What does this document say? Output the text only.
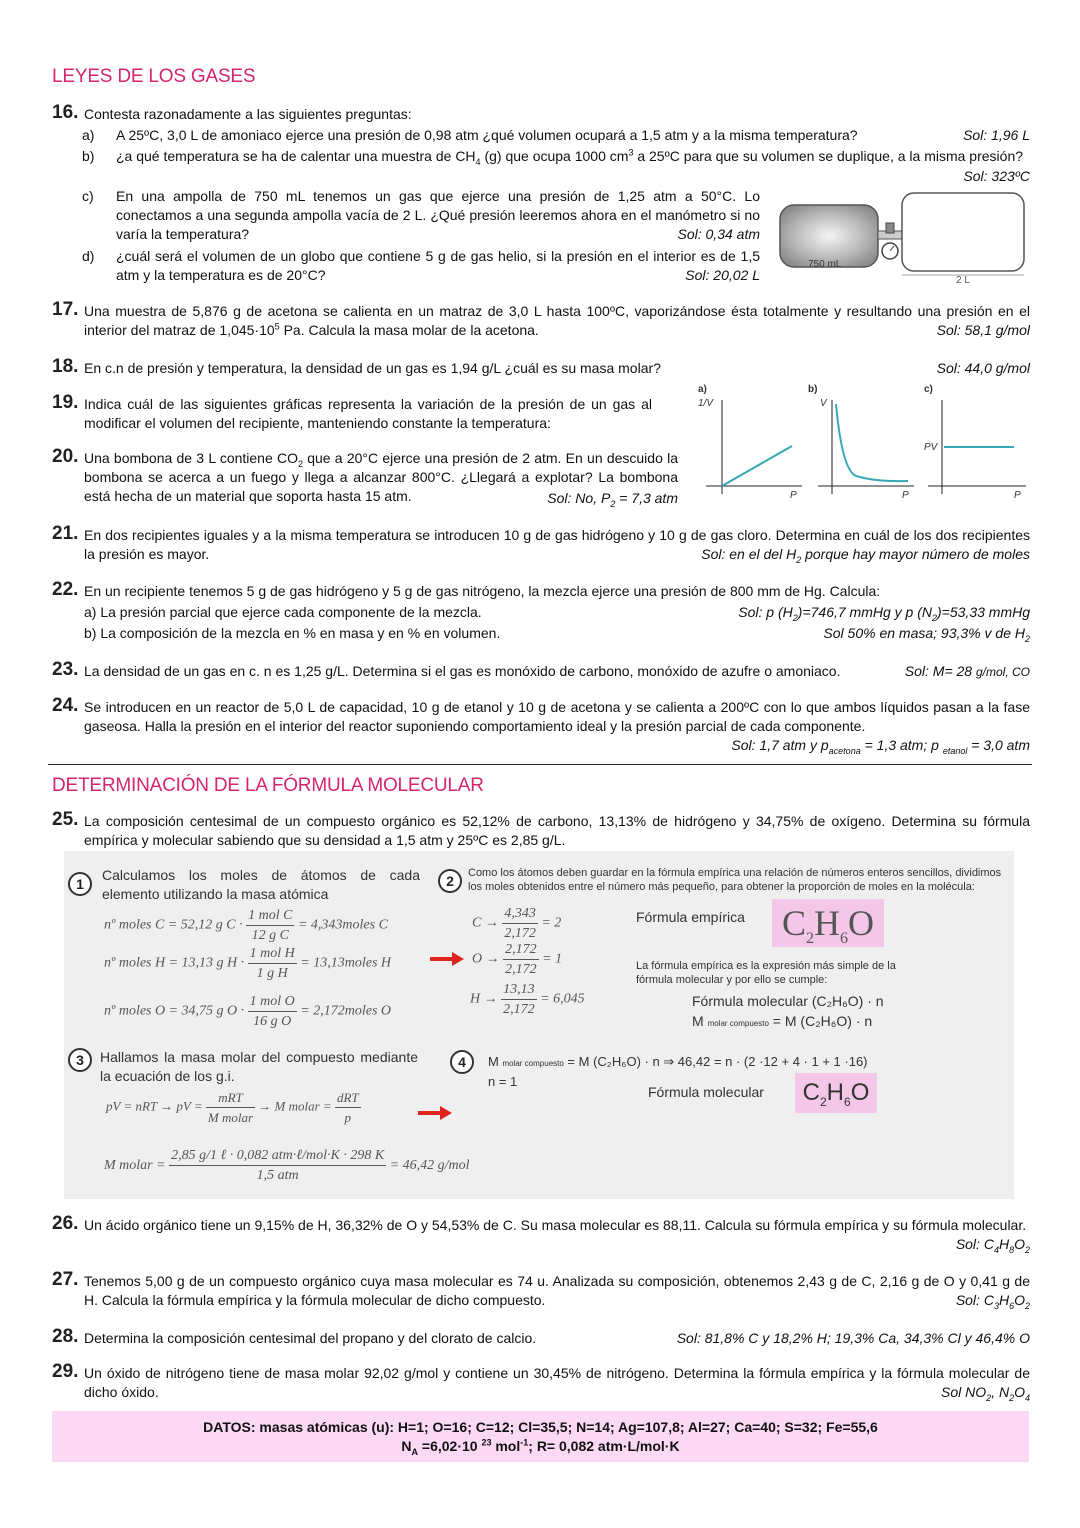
LEYES DE LOS GASES
16. Contesta razonadamente a las siguientes preguntas:
a) A 25ºC, 3,0 L de amoniaco ejerce una presión de 0,98 atm ¿qué volumen ocupará a 1,5 atm y a la misma temperatura?	Sol: 1,96 L
b) ¿a qué temperatura se ha de calentar una muestra de $CH_4$ (g) que ocupa 1000 $cm^3$ a 25ºC para que su volumen se duplique, a la misma presión?
Sol: 323ºC
c) En una ampolla de 750 mL tenemos un gas que ejerce una presión de 1,25 atm a 50°C. Lo conectamos a una segunda ampolla vacía de 2 L. ¿Qué presión leeremos ahora en el manómetro si no varía la temperatura?	Sol: 0,34 atm
d) ¿cuál será el volumen de un globo que contiene 5 g de gas helio, si la presión en el interior es de 1,5 atm y la temperatura es de 20°C?	Sol: 20,02 L
750 mL
2 L
17. Una muestra de 5,876 g de acetona se calienta en un matraz de 3,0 L hasta 100ºC, vaporizándose ésta totalmente y resultando una presión en el interior del matraz de $1,045\cdot 10^5$ Pa. Calcula la masa molar de la acetona.	Sol: 58,1 g/mol
18. En c.n de presión y temperatura, la densidad de un gas es 1,94 g/L ¿cuál es su masa molar?	Sol: 44,0 g/mol
19. Indica cuál de las siguientes gráficas representa la variación de la presión de un gas al modificar el volumen del recipiente, manteniendo constante la temperatura:
a)
1/V
P
b)
V
P
c)
PV
P
20. Una bombona de 3 L contiene $CO_2$ que a 20°C ejerce una presión de 2 atm. En un descuido la bombona se acerca a un fuego y llega a alcanzar 800°C. ¿Llegará a explotar? La bombona está hecha de un material que soporta hasta 15 atm.	Sol: No, $P_2 = 7,3$ atm
21. En dos recipientes iguales y a la misma temperatura se introducen 10 g de gas hidrógeno y 10 g de gas cloro. Determina en cuál de los dos recipientes la presión es mayor.	Sol: en el del $H_2$ porque hay mayor número de moles
22. En un recipiente tenemos 5 g de gas hidrógeno y 5 g de gas nitrógeno, la mezcla ejerce una presión de 800 mm de Hg. Calcula:
a) La presión parcial que ejerce cada componente de la mezcla.	Sol: p $(H_2)=746,7$ mmHg y p $(N_2)=53,33$ mmHg
b) La composición de la mezcla en % en masa y en % en volumen.	Sol 50% en masa; 93,3% v de $H_2$
23. La densidad de un gas en c. n es 1,25 g/L. Determina si el gas es monóxido de carbono, monóxido de azufre o amoniaco.	Sol: M= 28 g/mol, CO
24. Se introducen en un reactor de 5,0 L de capacidad, 10 g de etanol y 10 g de acetona y se calienta a 200ºC con lo que ambos líquidos pasan a la fase gaseosa. Halla la presión en el interior del reactor suponiendo comportamiento ideal y la presión parcial de cada componente.
Sol: 1,7 atm y $p_{acetona} = 1,3$ atm; p $_{etanol}$ = 3,0 atm
DETERMINACIÓN DE LA FÓRMULA MOLECULAR
25. La composición centesimal de un compuesto orgánico es 52,12% de carbono, 13,13% de hidrógeno y 34,75% de oxígeno. Determina su fórmula empírica y molecular sabiendo que su densidad a 1,5 atm y 25ºC es 2,85 g/L.
1
Calculamos los moles de átomos de cada elemento utilizando la masa atómica
nº moles C = 52,12 g $C \cdot \frac{\text{1 mol C}}{\text{12 g C}}$ = 4,343moles C
nº moles H = 13,13 g $H \cdot \frac{\text{1 mol H}}{\text{1 g H}}$ = 13,13moles H
nº moles O = 34,75 g $O \cdot \frac{\text{1 mol O}}{\text{16 g O}}$ = 2,172moles O
2	Como los átomos deben guardar en la fórmula empírica una relación de números enteros sencillos, dividimos los moles obtenidos entre el número más pequeño, para obtener la proporción de moles en la molécula:
$C \to \frac{4,343}{2,172} = 2$
$O \to \frac{2,172}{2,172} = 1$
$H \to \frac{13,13}{2,172} = 6,045$
Fórmula empírica $C_2H_6O$
La fórmula empírica es la expresión más simple de la fórmula molecular y por ello se cumple:
Fórmula molecular (C₂H₆O) · n
M molar compuesto = M (C₂H₆O) · n
3	Hallamos la masa molar del compuesto mediante la ecuación de los g.i.
pV = nRT → pV = $\frac{\text{mRT}}{\text{M molar}} \to M$ molar = $\frac{\text{dRT}}{p}$
M molar = $\frac{\text{2,85 g/1 ℓ · 0,082 atm·ℓ/mol·K · 298 K}}{\text{1,5 atm}} = 46,42$ g/mol
4	M molar compuesto = M (C₂H₆O) · n ⇒ 46,42 = n · (2 ·12 + 4 · 1 + 1 ·16)
n = 1
Fórmula molecular	$C_2H_6O$
26. Un ácido orgánico tiene un 9,15% de H, 36,32% de O y 54,53% de C. Su masa molecular es 88,11. Calcula su fórmula empírica y su fórmula molecular.
Sol: $C_4H_8O_2$
27. Tenemos 5,00 g de un compuesto orgánico cuya masa molecular es 74 u. Analizada su composición, obtenemos 2,43 g de C, 2,16 g de O y 0,41 g de H. Calcula la fórmula empírica y la fórmula molecular de dicho compuesto.	Sol: $C_3H_6O_2$
28. Determina la composición centesimal del propano y del clorato de calcio.	Sol: 81,8% C y 18,2% H; 19,3% Ca, 34,3% Cl y 46,4% O
29. Un óxido de nitrógeno tiene de masa molar 92,02 g/mol y contiene un 30,45% de nitrógeno. Determina la fórmula empírica y la fórmula molecular de dicho óxido.	Sol $NO_2$, $N_2O_4$
DATOS: masas atómicas (u): H=1; O=16; C=12; Cl=35,5; N=14; Ag=107,8; Al=27; Ca=40; S=32; Fe=55,6
$N_A =6,02\cdot 10$ $^{23}$ mol$^{-1}$; R= 0,082 atm·L/mol·K
